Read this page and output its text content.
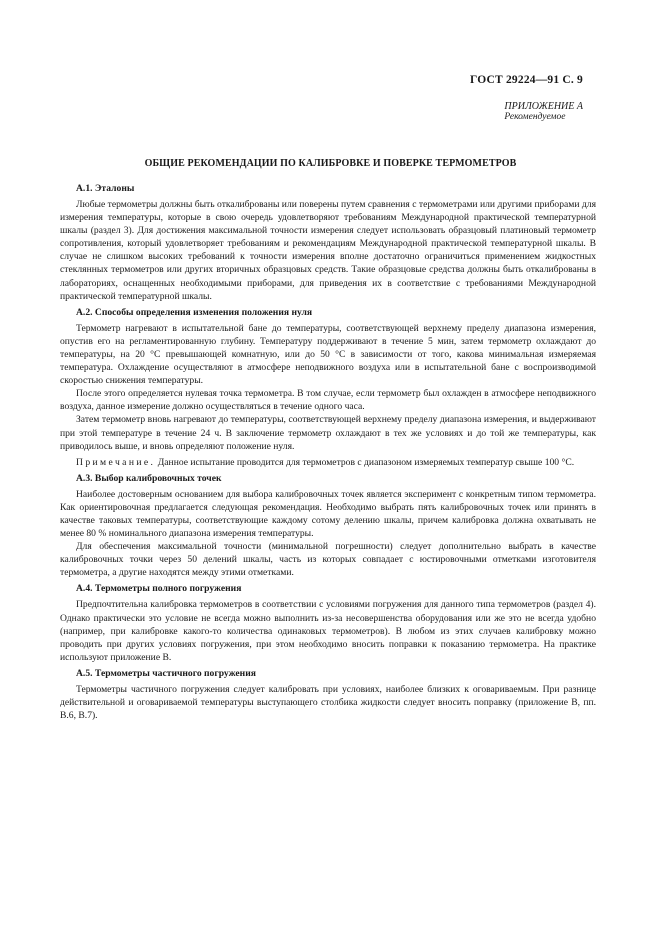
ГОСТ 29224—91 С. 9
ПРИЛОЖЕНИЕ А
Рекомендуемое
ОБЩИЕ РЕКОМЕНДАЦИИ ПО КАЛИБРОВКЕ И ПОВЕРКЕ ТЕРМОМЕТРОВ
А.1. Эталоны

Любые термометры должны быть откалиброваны или поверены путем сравнения с термометрами или другими приборами для измерения температуры, которые в свою очередь удовлетворяют требованиям Международной практической температурной шкалы (раздел 3). Для достижения максимальной точности измерения следует использовать образцовый платиновый термометр сопротивления, который удовлетворяет требованиям и рекомендациям Международной практической температурной шкалы. В случае не слишком высоких требований к точности измерения вполне достаточно ограничиться применением жидкостных стеклянных термометров или других вторичных образцовых средств. Такие образцовые средства должны быть откалиброваны в лабораториях, оснащенных необходимыми приборами, для приведения их в соответствие с требованиями Международной практической температурной шкалы.

А.2. Способы определения изменения положения нуля

Термометр нагревают в испытательной бане до температуры, соответствующей верхнему пределу диапазона измерения, опустив его на регламентированную глубину. Температуру поддерживают в течение 5 мин, затем термометр охлаждают до температуры, на 20 °С превышающей комнатную, или до 50 °С в зависимости от того, какова минимальная измеряемая температура. Охлаждение осуществляют в атмосфере неподвижного воздуха или в испытательной бане с воспроизводимой скоростью снижения температуры.

После этого определяется нулевая точка термометра. В том случае, если термометр был охлажден в атмосфере неподвижного воздуха, данное измерение должно осуществляться в течение одного часа.

Затем термометр вновь нагревают до температуры, соответствующей верхнему пределу диапазона измерения, и выдерживают при этой температуре в течение 24 ч. В заключение термометр охлаждают в тех же условиях и до той же температуры, как приводилось выше, и вновь определяют положение нуля.

Примечание. Данное испытание проводится для термометров с диапазоном измеряемых температур свыше 100 °С.

А.3. Выбор калибровочных точек

Наиболее достоверным основанием для выбора калибровочных точек является эксперимент с конкретным типом термометра. Как ориентировочная предлагается следующая рекомендация. Необходимо выбрать пять калибровочных точек или принять в качестве таковых температуры, соответствующие каждому сотому делению шкалы, причем калибровка должна охватывать не менее 80 % номинального диапазона измерения температуры.

Для обеспечения максимальной точности (минимальной погрешности) следует дополнительно выбрать в качестве калибровочных точки через 50 делений шкалы, часть из которых совпадает с юстировочными отметками изготовителя термометра, а другие находятся между этими отметками.

А.4. Термометры полного погружения

Предпочтительна калибровка термометров в соответствии с условиями погружения для данного типа термометров (раздел 4). Однако практически это условие не всегда можно выполнить из-за несовершенства оборудования или же это не всегда удобно (например, при калибровке какого-то количества одинаковых термометров). В любом из этих случаев калибровку можно проводить при других условиях погружения, при этом необходимо вносить поправки к показанию термометра. На практике используют приложение В.

А.5. Термометры частичного погружения

Термометры частичного погружения следует калибровать при условиях, наиболее близких к оговариваемым. При разнице действительной и оговариваемой температуры выступающего столбика жидкости следует вносить поправку (приложение В, пп. В.6, В.7).
